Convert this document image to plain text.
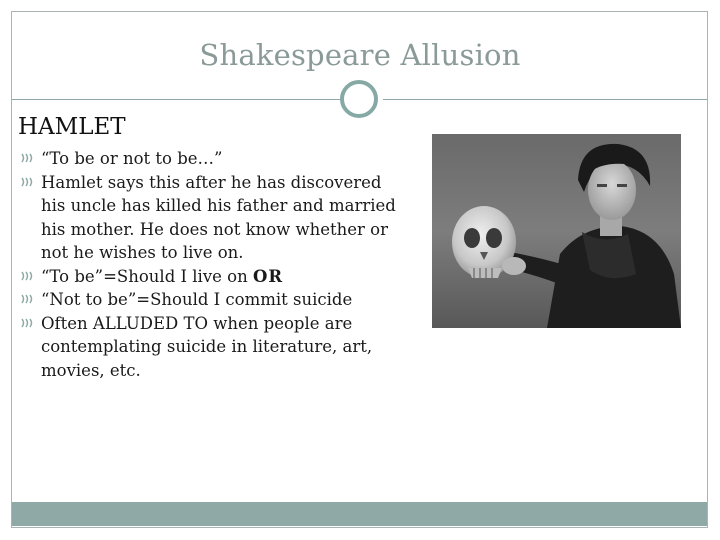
Shakespeare Allusion
HAMLET
“To be or not to be…”
Hamlet says this after he has discovered his uncle has killed his father and married his mother. He does not know whether or not he wishes to live on.
“To be”=Should I live on OR
“Not to be”=Should I commit suicide
Often ALLUDED TO when people are contemplating suicide in literature, art, movies, etc.
